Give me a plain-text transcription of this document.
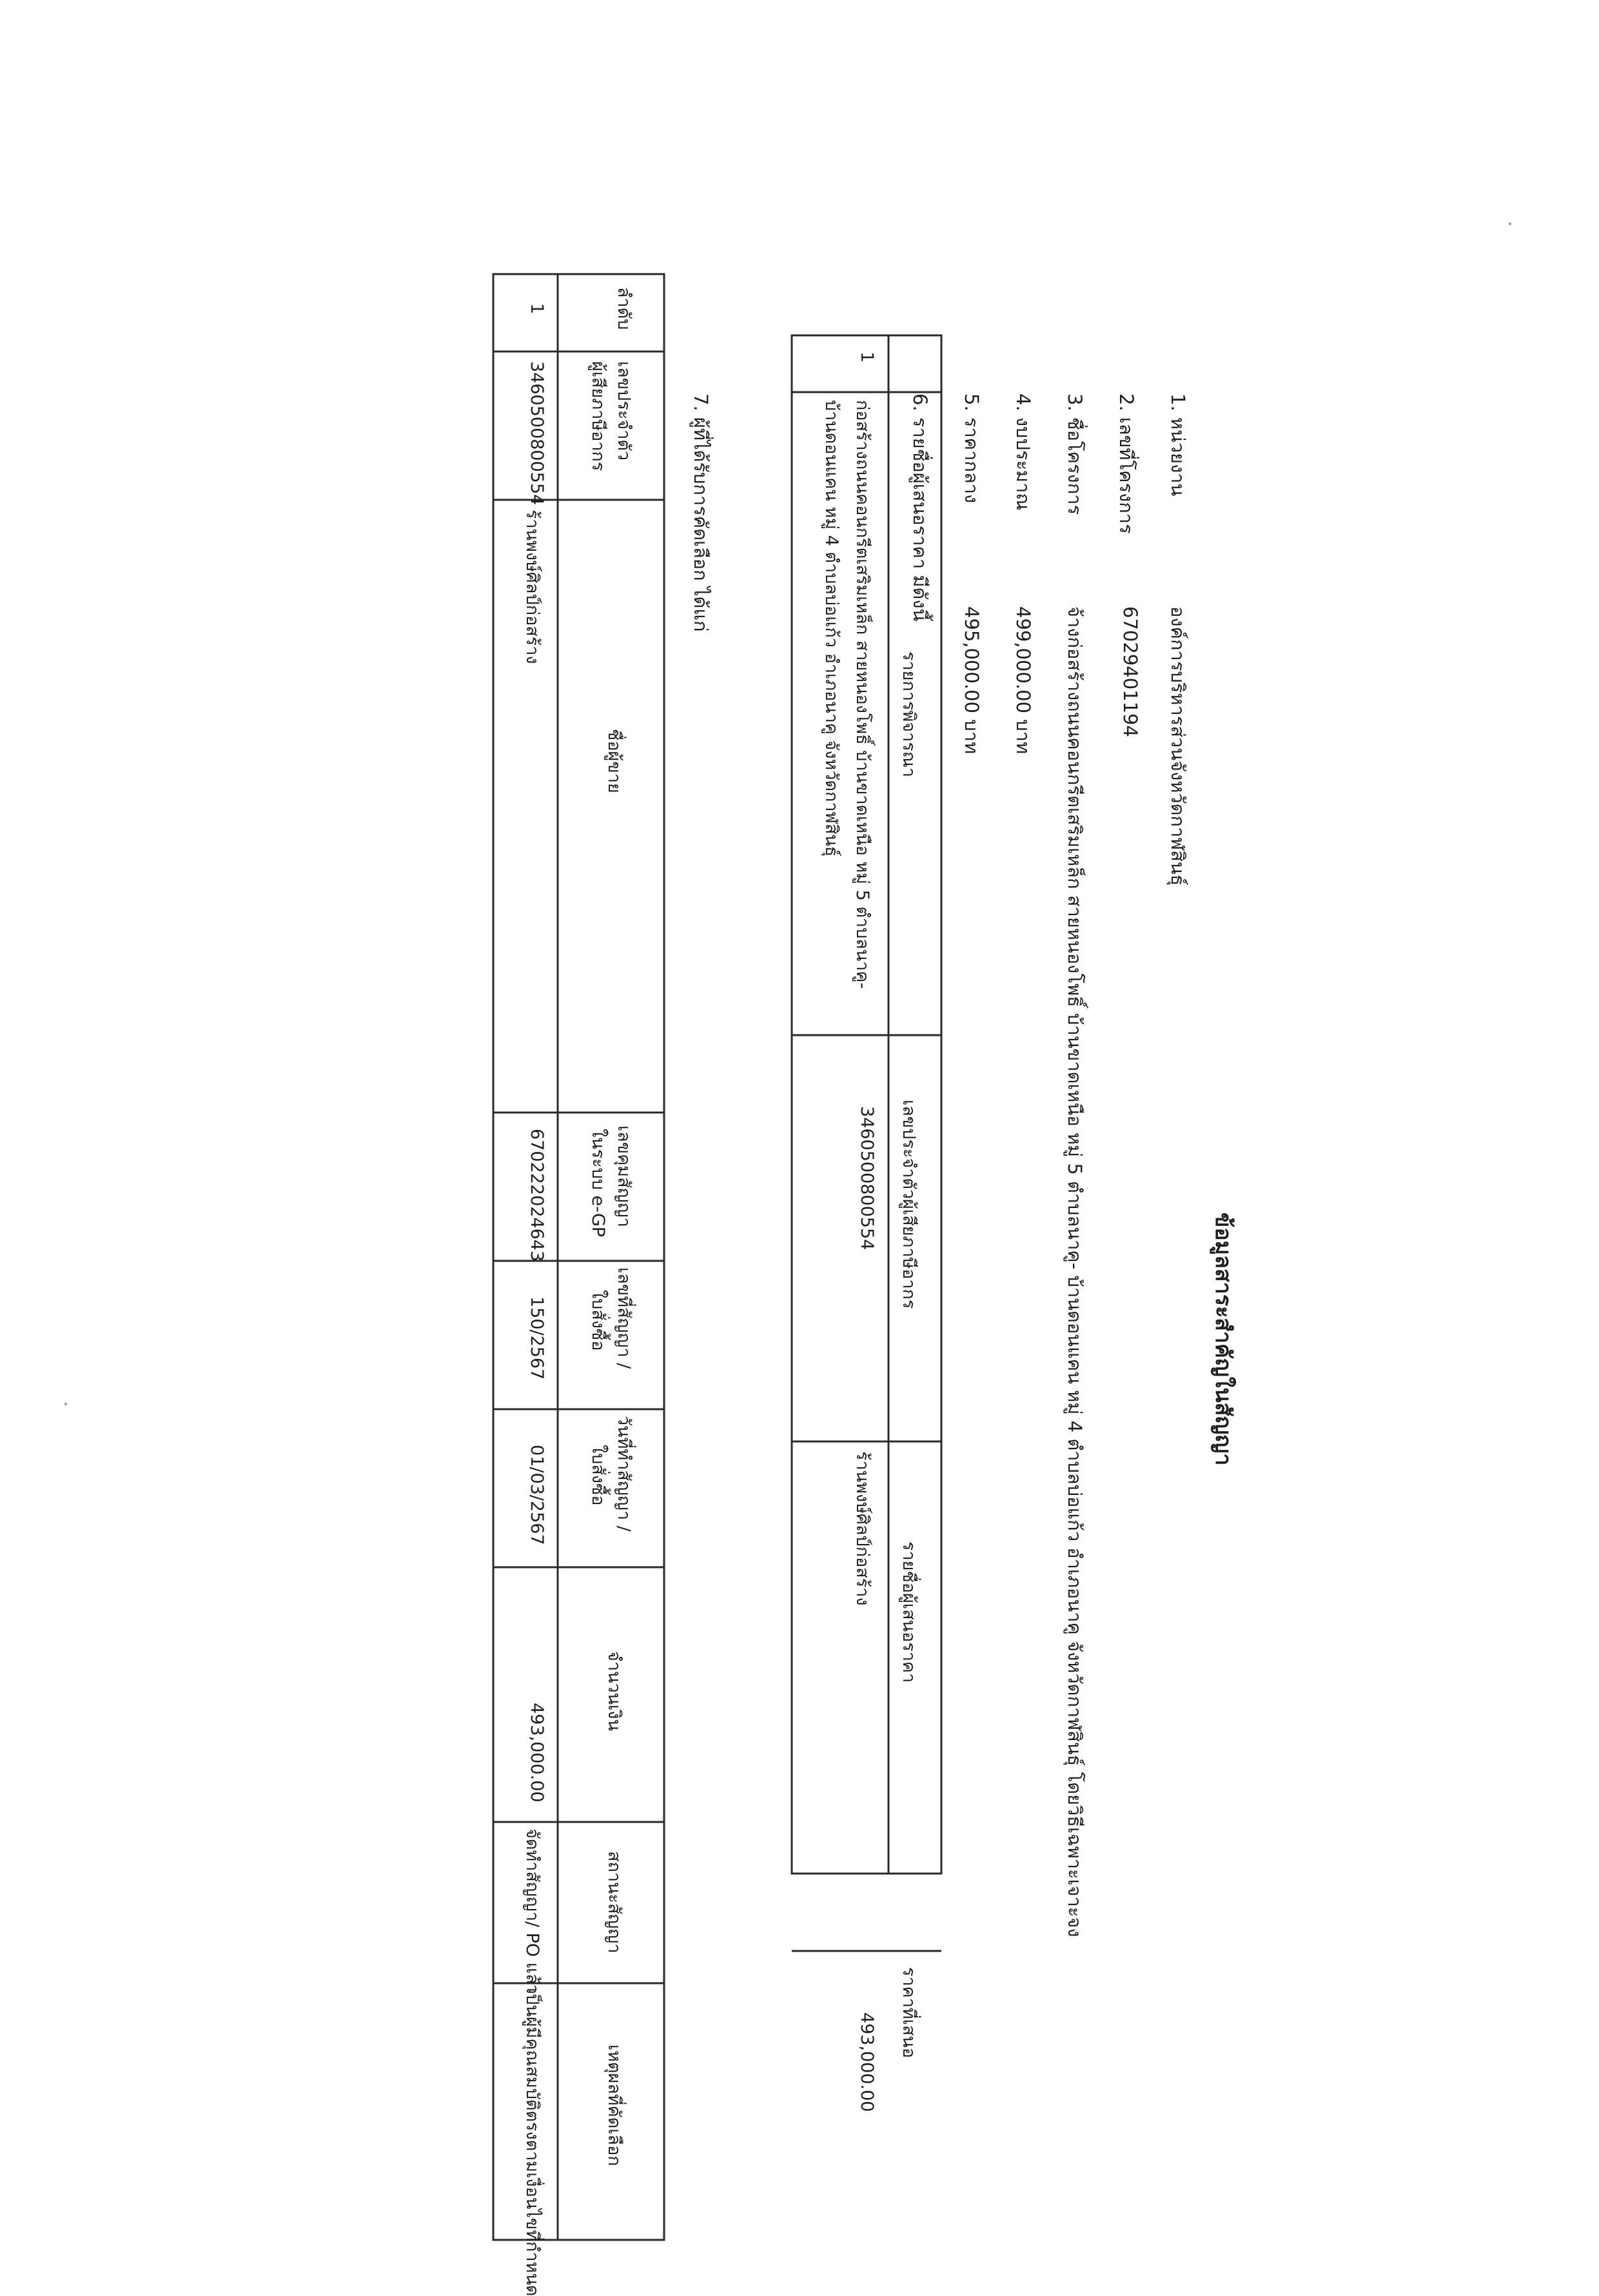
ข้อมูลสาระสำคัญในสัญญา
1. หน่วยงาน
องค์การบริหารส่วนจังหวัดกาฬสินธุ์
2. เลขที่โครงการ
67029401194
3. ชื่อโครงการ
จ้างก่อสร้างถนนคอนกรีตเสริมเหล็ก สายหนองโพธิ์ บ้านขาดเหนือ หมู่ 5 ตำบลนาคู- บ้านดอนแคน หมู่ 4 ตำบลบ่อแก้ว อำเภอนาคู จังหวัดกาฬสินธุ์ โดยวิธีเฉพาะเจาะจง
4. งบประมาณ
499,000.00 บาท
5. ราคากลาง
495,000.00 บาท
6. รายชื่อผู้เสนอราคา มีดังนี้
รายการพิจารณา
เลขประจำตัวผู้เสียภาษีอากร
รายชื่อผู้เสนอราคา
ราคาที่เสนอ
1
ก่อสร้างถนนคอนกรีตเสริมเหล็ก สายหนองโพธิ์ บ้านขาดเหนือ หมู่ 5 ตำบลนาคู-
บ้านดอนแคน หมู่ 4 ตำบลบ่อแก้ว อำเภอนาคู จังหวัดกาฬสินธุ์
3460500800554
ร้านพงษ์ศิลป์ก่อสร้าง
493,000.00
7. ผู้ที่ได้รับการคัดเลือก ได้แก่
ลำดับ
เลขประจำตัว
ผู้เสียภาษีอากร
ชื่อผู้ขาย
เลขคุมสัญญา
ในระบบ e-GP
เลขที่สัญญา /
ใบสั่งซื้อ
วันที่ทำสัญญา /
ใบสั่งซื้อ
จำนวนเงิน
สถานะสัญญา
เหตุผลที่คัดเลือก
1
3460500800554
ร้านพงษ์ศิลป์ก่อสร้าง
670222024643
150/2567
01/03/2567
493,000.00
จัดทำสัญญา/ PO แล้ว
เป็นผู้มีคุณสมบัติตรงตามเงื่อนไขที่กำหนด
